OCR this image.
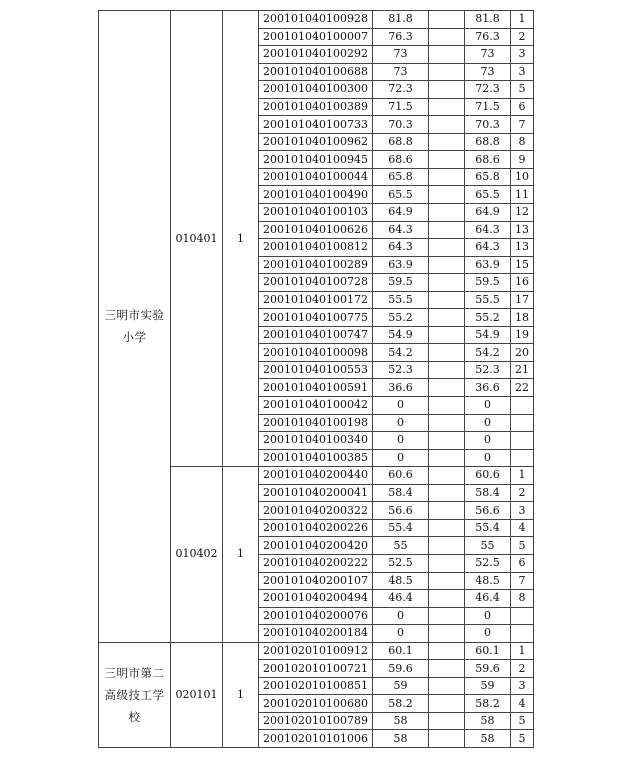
三明市实验小学	010401	1	200101040100928	81.8		81.8	1
			200101040100007	76.3		76.3	2
			200101040100292	73		73	3
			200101040100688	73		73	3
			200101040100300	72.3		72.3	5
			200101040100389	71.5		71.5	6
			200101040100733	70.3		70.3	7
			200101040100962	68.8		68.8	8
			200101040100945	68.6		68.6	9
			200101040100044	65.8		65.8	10
			200101040100490	65.5		65.5	11
			200101040100103	64.9		64.9	12
			200101040100626	64.3		64.3	13
			200101040100812	64.3		64.3	13
			200101040100289	63.9		63.9	15
			200101040100728	59.5		59.5	16
			200101040100172	55.5		55.5	17
			200101040100775	55.2		55.2	18
			200101040100747	54.9		54.9	19
			200101040100098	54.2		54.2	20
			200101040100553	52.3		52.3	21
			200101040100591	36.6		36.6	22
			200101040100042	0		0	
			200101040100198	0		0	
			200101040100340	0		0	
			200101040100385	0		0	
	010402	1	200101040200440	60.6		60.6	1
			200101040200041	58.4		58.4	2
			200101040200322	56.6		56.6	3
			200101040200226	55.4		55.4	4
			200101040200420	55		55	5
			200101040200222	52.5		52.5	6
			200101040200107	48.5		48.5	7
			200101040200494	46.4		46.4	8
			200101040200076	0		0	
			200101040200184	0		0	
三明市第二高级技工学校	020101	1	200102010100912	60.1		60.1	1
			200102010100721	59.6		59.6	2
			200102010100851	59		59	3
			200102010100680	58.2		58.2	4
			200102010100789	58		58	5
			200102010101006	58		58	5
